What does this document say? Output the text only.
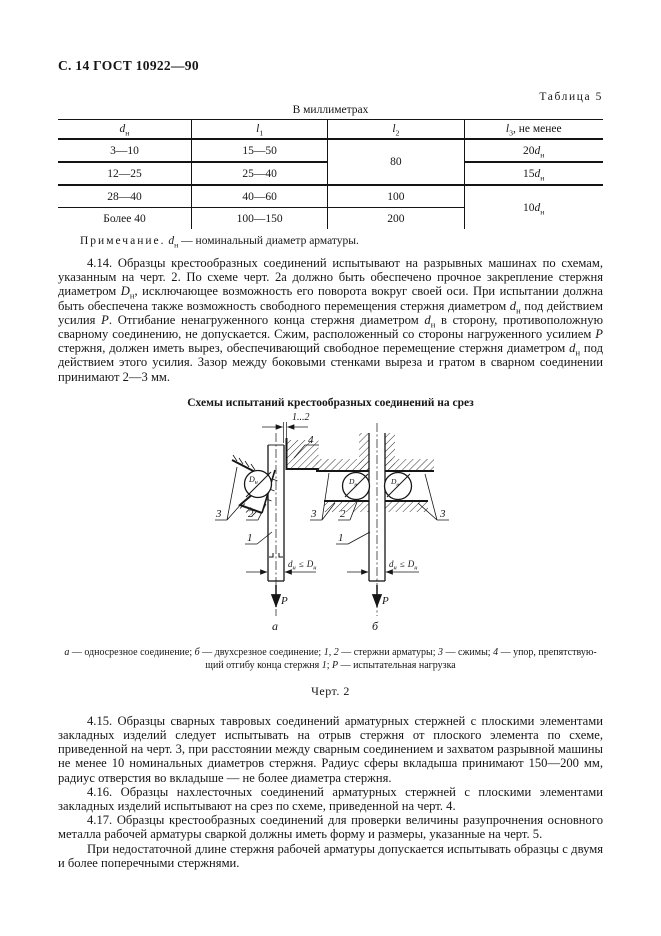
С. 14 ГОСТ 10922—90
Таблица 5
В миллиметрах
$d_н$	$l_1$	$l_2$	$l_3$, не менее
3—10	15—50	80	$20d_н$
12—25	25—40		$15d_н$
28—40	40—60	100	$10d_н$
Более 40	100—150	200	
Примечание. $d_н$ — номинальный диаметр арматуры.

4.14. Образцы крестообразных соединений испытывают на разрывных машинах по схемам, указанным на черт. 2. По схеме черт. 2а должно быть обеспечено прочное закрепление стержня диаметром $D_н$, исключающее возможность его поворота вокруг своей оси. При испытании должна быть обеспечена также возможность свободного перемещения стержня диаметром $d_н$ под действием усилия Р. Отгибание ненагруженного конца стержня диаметром $d_н$ в сторону, противоположную сварному соединению, не допускается. Сжим, расположенный со стороны нагруженного усилием Р стержня, должен иметь вырез, обеспечивающий свободное перемещение стержня диаметром $d_н$ под действием этого усилия. Зазор между боковыми стенками выреза и гратом в сварном соединении принимают 2—3 мм.

Схемы испытаний крестообразных соединений на срез
1...2
4
$D_н$
3 2
1
$d_н \le D_н$
Р
а
$D_н$	$D_н$
3 2
1
3
$d_н \le D_н$
Р
б
а — односрезное соединение; б — двухсрезное соединение; 1, 2 — стержни арматуры; 3 — сжимы; 4 — упор, препятствую-
щий отгибу конца стержня 1; Р — испытательная нагрузка
Черт. 2

4.15. Образцы сварных тавровых соединений арматурных стержней с плоскими элементами закладных изделий следует испытывать на отрыв стержня от плоского элемента по схеме, приведенной на черт. 3, при расстоянии между сварным соединением и захватом разрывной машины не менее 10 номинальных диаметров стержня. Радиус сферы вкладыша принимают 150—200 мм, радиус отверстия во вкладыше — не более диаметра стержня.

4.16. Образцы нахлесточных соединений арматурных стержней с плоскими элементами закладных изделий испытывают на срез по схеме, приведенной на черт. 4.

4.17. Образцы крестообразных соединений для проверки величины разупрочнения основного металла рабочей арматуры сваркой должны иметь форму и размеры, указанные на черт. 5.

При недостаточной длине стержня рабочей арматуры допускается испытывать образцы с двумя и более поперечными стержнями.
